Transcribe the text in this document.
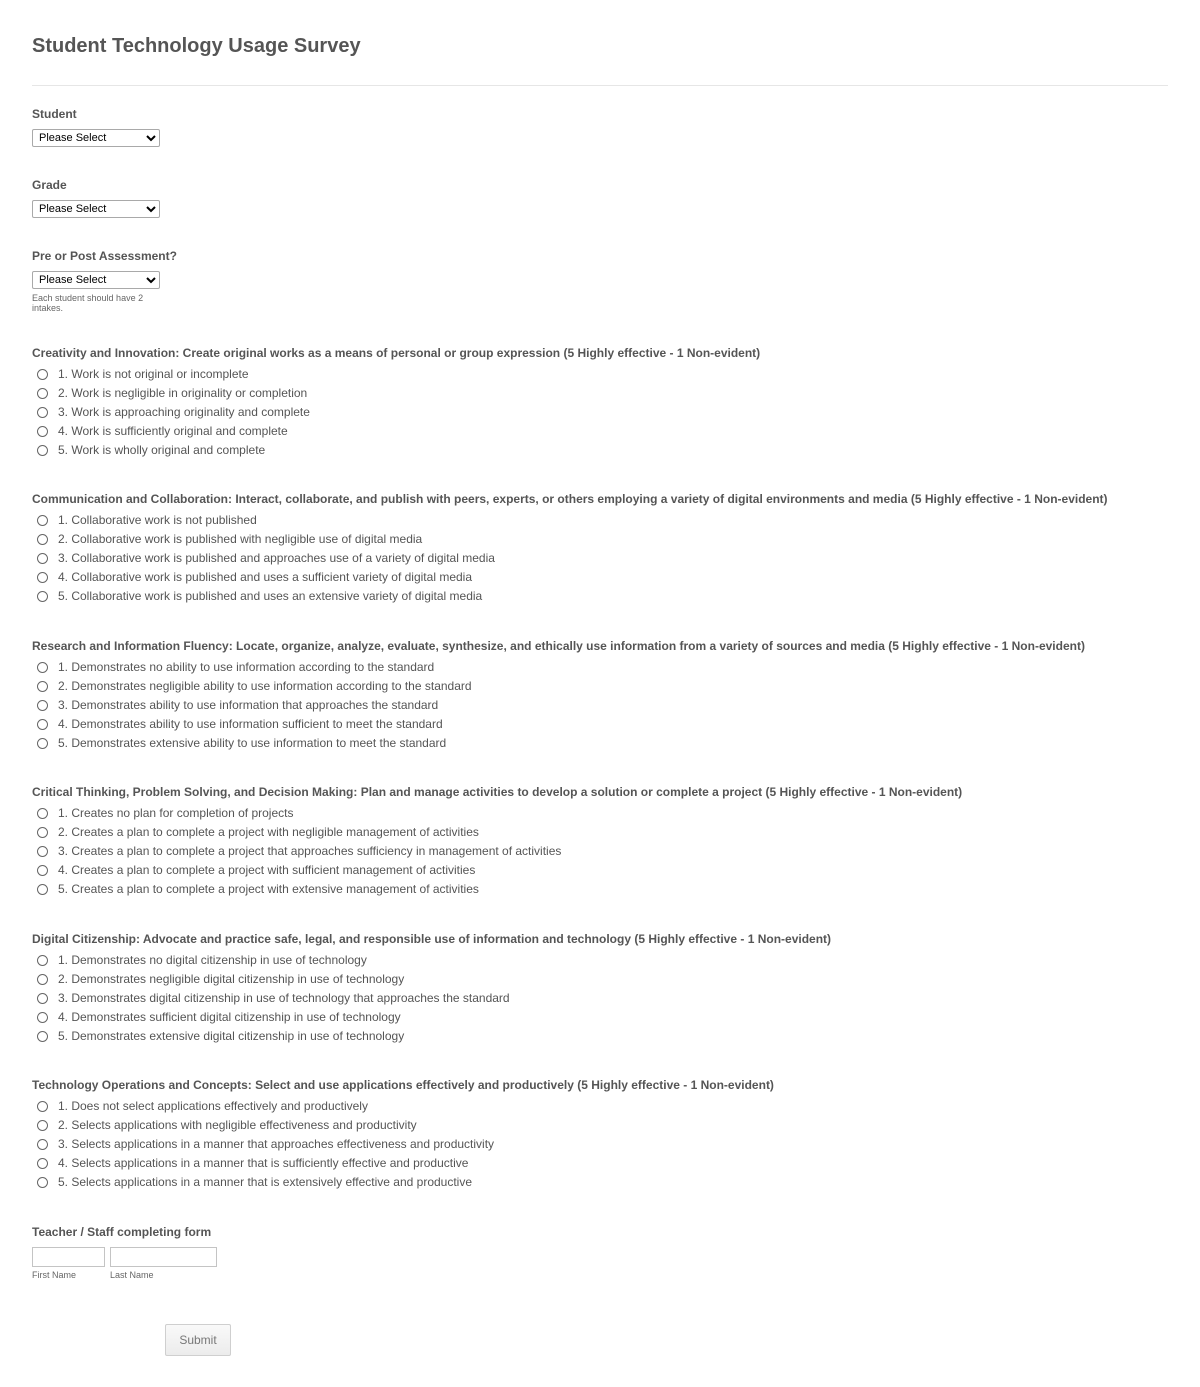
Student Technology Usage Survey
Student
Please Select
Grade
Please Select
Pre or Post Assessment?
Please Select
Each student should have 2 intakes.
Creativity and Innovation: Create original works as a means of personal or group expression (5 Highly effective - 1 Non-evident)
1. Work is not original or incomplete
2. Work is negligible in originality or completion
3. Work is approaching originality and complete
4. Work is sufficiently original and complete
5. Work is wholly original and complete
Communication and Collaboration: Interact, collaborate, and publish with peers, experts, or others employing a variety of digital environments and media (5 Highly effective - 1 Non-evident)
1. Collaborative work is not published
2. Collaborative work is published with negligible use of digital media
3. Collaborative work is published and approaches use of a variety of digital media
4. Collaborative work is published and uses a sufficient variety of digital media
5. Collaborative work is published and uses an extensive variety of digital media
Research and Information Fluency: Locate, organize, analyze, evaluate, synthesize, and ethically use information from a variety of sources and media (5 Highly effective - 1 Non-evident)
1. Demonstrates no ability to use information according to the standard
2. Demonstrates negligible ability to use information according to the standard
3. Demonstrates ability to use information that approaches the standard
4. Demonstrates ability to use information sufficient to meet the standard
5. Demonstrates extensive ability to use information to meet the standard
Critical Thinking, Problem Solving, and Decision Making: Plan and manage activities to develop a solution or complete a project (5 Highly effective - 1 Non-evident)
1. Creates no plan for completion of projects
2. Creates a plan to complete a project with negligible management of activities
3. Creates a plan to complete a project that approaches sufficiency in management of activities
4. Creates a plan to complete a project with sufficient management of activities
5. Creates a plan to complete a project with extensive management of activities
Digital Citizenship: Advocate and practice safe, legal, and responsible use of information and technology (5 Highly effective - 1 Non-evident)
1. Demonstrates no digital citizenship in use of technology
2. Demonstrates negligible digital citizenship in use of technology
3. Demonstrates digital citizenship in use of technology that approaches the standard
4. Demonstrates sufficient digital citizenship in use of technology
5. Demonstrates extensive digital citizenship in use of technology
Technology Operations and Concepts: Select and use applications effectively and productively (5 Highly effective - 1 Non-evident)
1. Does not select applications effectively and productively
2. Selects applications with negligible effectiveness and productivity
3. Selects applications in a manner that approaches effectiveness and productivity
4. Selects applications in a manner that is sufficiently effective and productive
5. Selects applications in a manner that is extensively effective and productive
Teacher / Staff completing form
First Name	Last Name
Submit
